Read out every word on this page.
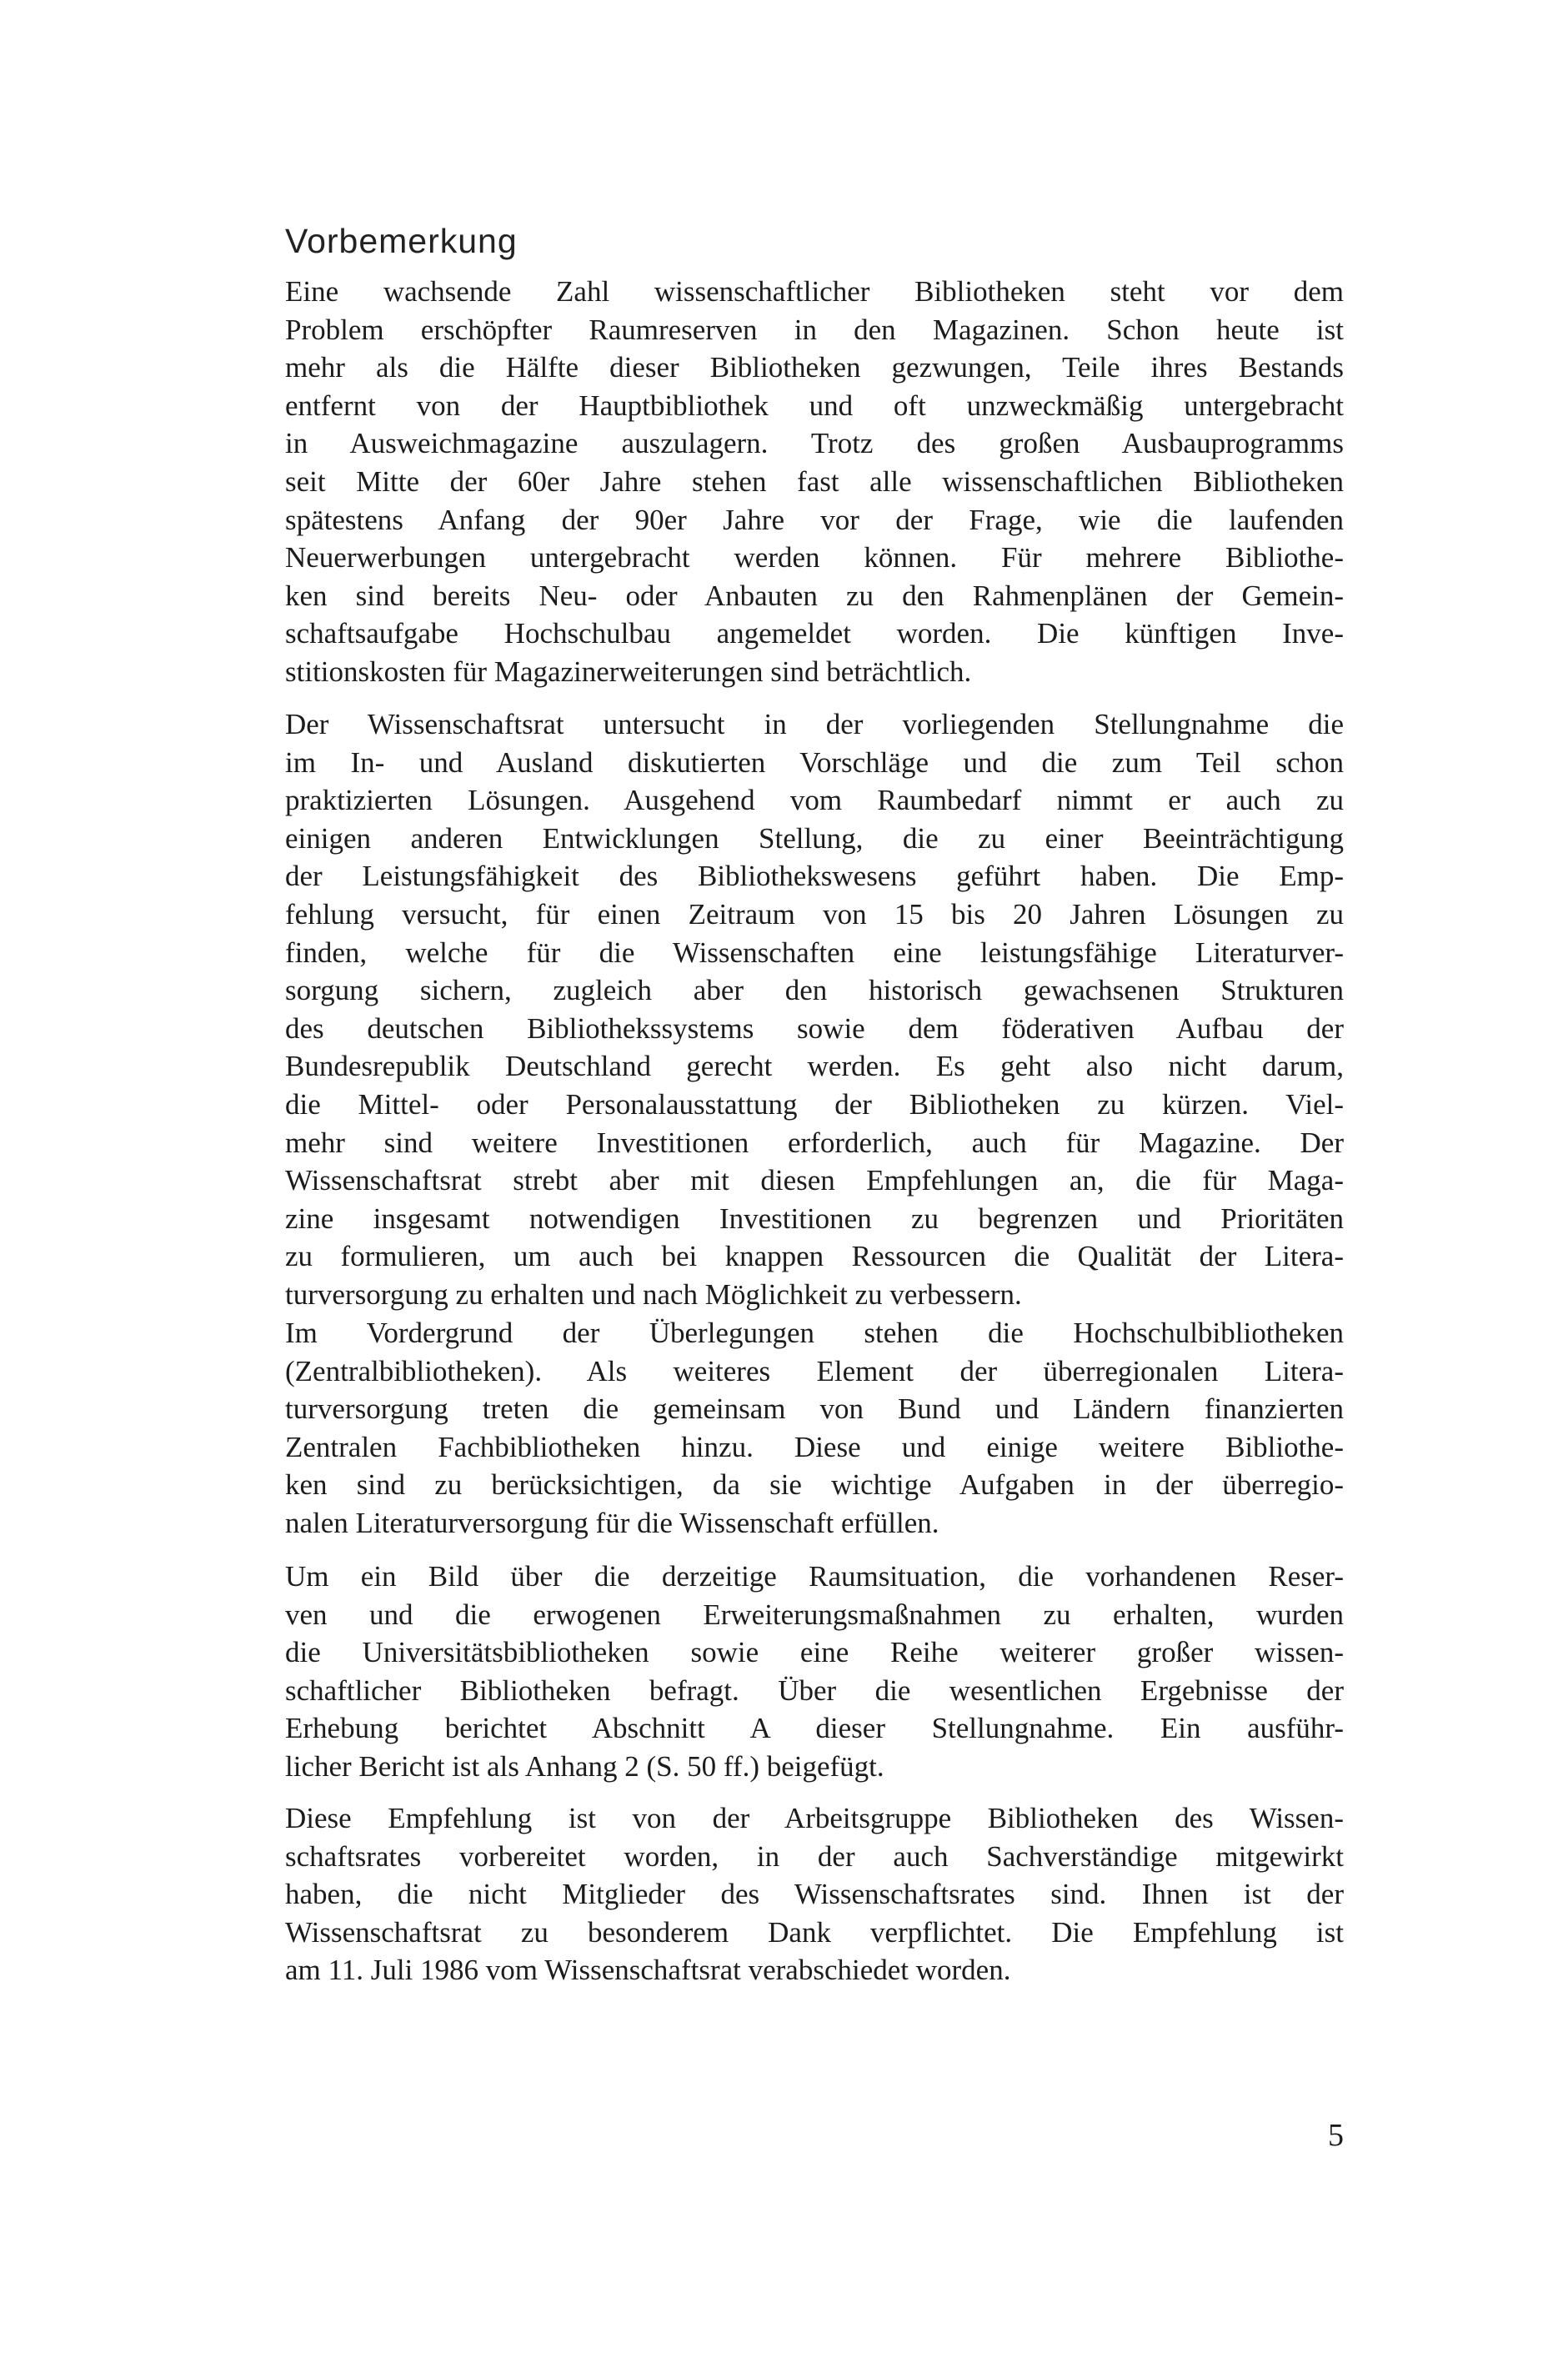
Vorbemerkung
Eine wachsende Zahl wissenschaftlicher Bibliotheken steht vor dem
Problem erschöpfter Raumreserven in den Magazinen. Schon heute ist
mehr als die Hälfte dieser Bibliotheken gezwungen, Teile ihres Bestands
entfernt von der Hauptbibliothek und oft unzweckmäßig untergebracht
in Ausweichmagazine auszulagern. Trotz des großen Ausbauprogramms
seit Mitte der 60er Jahre stehen fast alle wissenschaftlichen Bibliotheken
spätestens Anfang der 90er Jahre vor der Frage, wie die laufenden
Neuerwerbungen untergebracht werden können. Für mehrere Bibliothe-
ken sind bereits Neu- oder Anbauten zu den Rahmenplänen der Gemein-
schaftsaufgabe Hochschulbau angemeldet worden. Die künftigen Inve-
stitionskosten für Magazinerweiterungen sind beträchtlich.
Der Wissenschaftsrat untersucht in der vorliegenden Stellungnahme die
im In- und Ausland diskutierten Vorschläge und die zum Teil schon
praktizierten Lösungen. Ausgehend vom Raumbedarf nimmt er auch zu
einigen anderen Entwicklungen Stellung, die zu einer Beeinträchtigung
der Leistungsfähigkeit des Bibliothekswesens geführt haben. Die Emp-
fehlung versucht, für einen Zeitraum von 15 bis 20 Jahren Lösungen zu
finden, welche für die Wissenschaften eine leistungsfähige Literaturver-
sorgung sichern, zugleich aber den historisch gewachsenen Strukturen
des deutschen Bibliothekssystems sowie dem föderativen Aufbau der
Bundesrepublik Deutschland gerecht werden. Es geht also nicht darum,
die Mittel- oder Personalausstattung der Bibliotheken zu kürzen. Viel-
mehr sind weitere Investitionen erforderlich, auch für Magazine. Der
Wissenschaftsrat strebt aber mit diesen Empfehlungen an, die für Maga-
zine insgesamt notwendigen Investitionen zu begrenzen und Prioritäten
zu formulieren, um auch bei knappen Ressourcen die Qualität der Litera-
turversorgung zu erhalten und nach Möglichkeit zu verbessern.
Im Vordergrund der Überlegungen stehen die Hochschulbibliotheken
(Zentralbibliotheken). Als weiteres Element der überregionalen Litera-
turversorgung treten die gemeinsam von Bund und Ländern finanzierten
Zentralen Fachbibliotheken hinzu. Diese und einige weitere Bibliothe-
ken sind zu berücksichtigen, da sie wichtige Aufgaben in der überregio-
nalen Literaturversorgung für die Wissenschaft erfüllen.
Um ein Bild über die derzeitige Raumsituation, die vorhandenen Reser-
ven und die erwogenen Erweiterungsmaßnahmen zu erhalten, wurden
die Universitätsbibliotheken sowie eine Reihe weiterer großer wissen-
schaftlicher Bibliotheken befragt. Über die wesentlichen Ergebnisse der
Erhebung berichtet Abschnitt A dieser Stellungnahme. Ein ausführ-
licher Bericht ist als Anhang 2 (S. 50 ff.) beigefügt.
Diese Empfehlung ist von der Arbeitsgruppe Bibliotheken des Wissen-
schaftsrates vorbereitet worden, in der auch Sachverständige mitgewirkt
haben, die nicht Mitglieder des Wissenschaftsrates sind. Ihnen ist der
Wissenschaftsrat zu besonderem Dank verpflichtet. Die Empfehlung ist
am 11. Juli 1986 vom Wissenschaftsrat verabschiedet worden.
5
